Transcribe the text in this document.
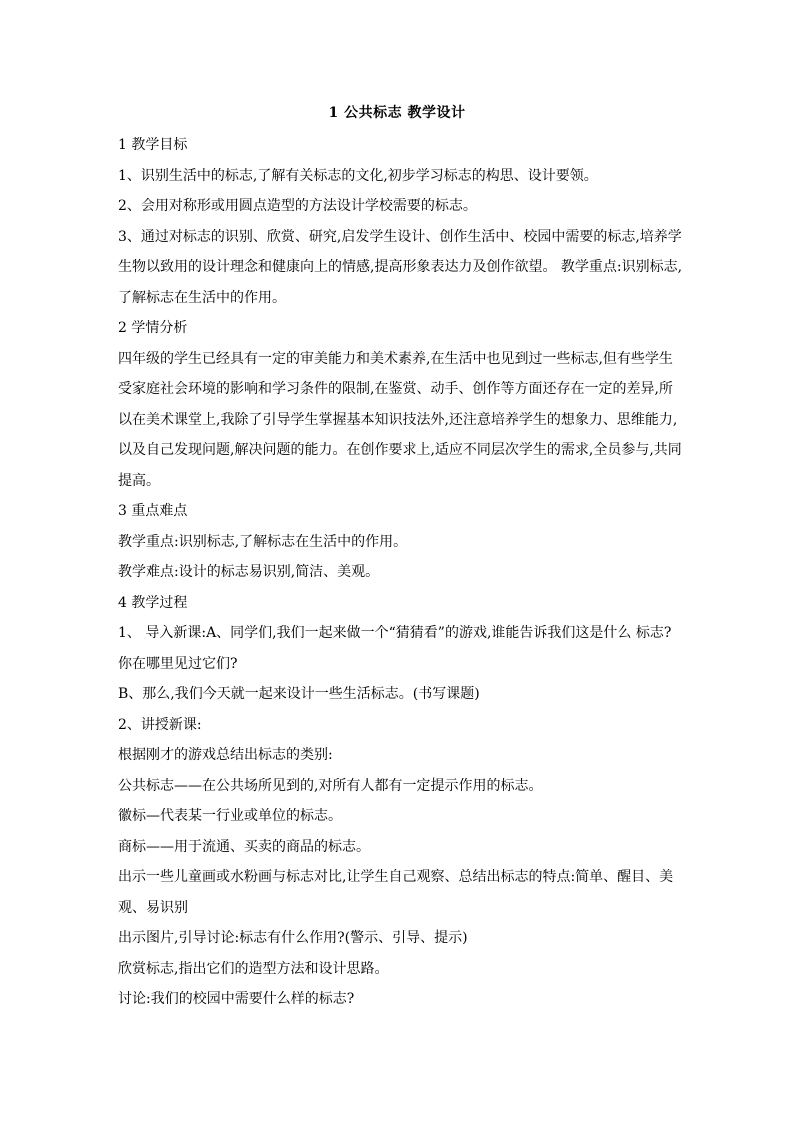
1 公共标志 教学设计

1 教学目标

1、识别生活中的标志,了解有关标志的文化,初步学习标志的构思、设计要领。

2、会用对称形或用圆点造型的方法设计学校需要的标志。

3、通过对标志的识别、欣赏、研究,启发学生设计、创作生活中、校园中需要的标志,培养学

生物以致用的设计理念和健康向上的情感,提高形象表达力及创作欲望。 教学重点:识别标志,

了解标志在生活中的作用。

2 学情分析

四年级的学生已经具有一定的审美能力和美术素养,在生活中也见到过一些标志,但有些学生

受家庭社会环境的影响和学习条件的限制,在鉴赏、动手、创作等方面还存在一定的差异,所

以在美术课堂上,我除了引导学生掌握基本知识技法外,还注意培养学生的想象力、思维能力,

以及自己发现问题,解决问题的能力。在创作要求上,适应不同层次学生的需求,全员参与,共同

提高。

3 重点难点

教学重点:识别标志,了解标志在生活中的作用。

教学难点:设计的标志易识别,简洁、美观。

4 教学过程

1、 导入新课:A、同学们,我们一起来做一个“猜猜看”的游戏,谁能告诉我们这是什么 标志?

你在哪里见过它们?

B、那么,我们今天就一起来设计一些生活标志。(书写课题)

2、讲授新课:

根据刚才的游戏总结出标志的类别:

公共标志——在公共场所见到的,对所有人都有一定提示作用的标志。

徽标—代表某一行业或单位的标志。

商标——用于流通、买卖的商品的标志。

出示一些儿童画或水粉画与标志对比,让学生自己观察、总结出标志的特点:简单、醒目、美

观、易识别

出示图片,引导讨论:标志有什么作用?(警示、引导、提示)

欣赏标志,指出它们的造型方法和设计思路。

讨论:我们的校园中需要什么样的标志?
